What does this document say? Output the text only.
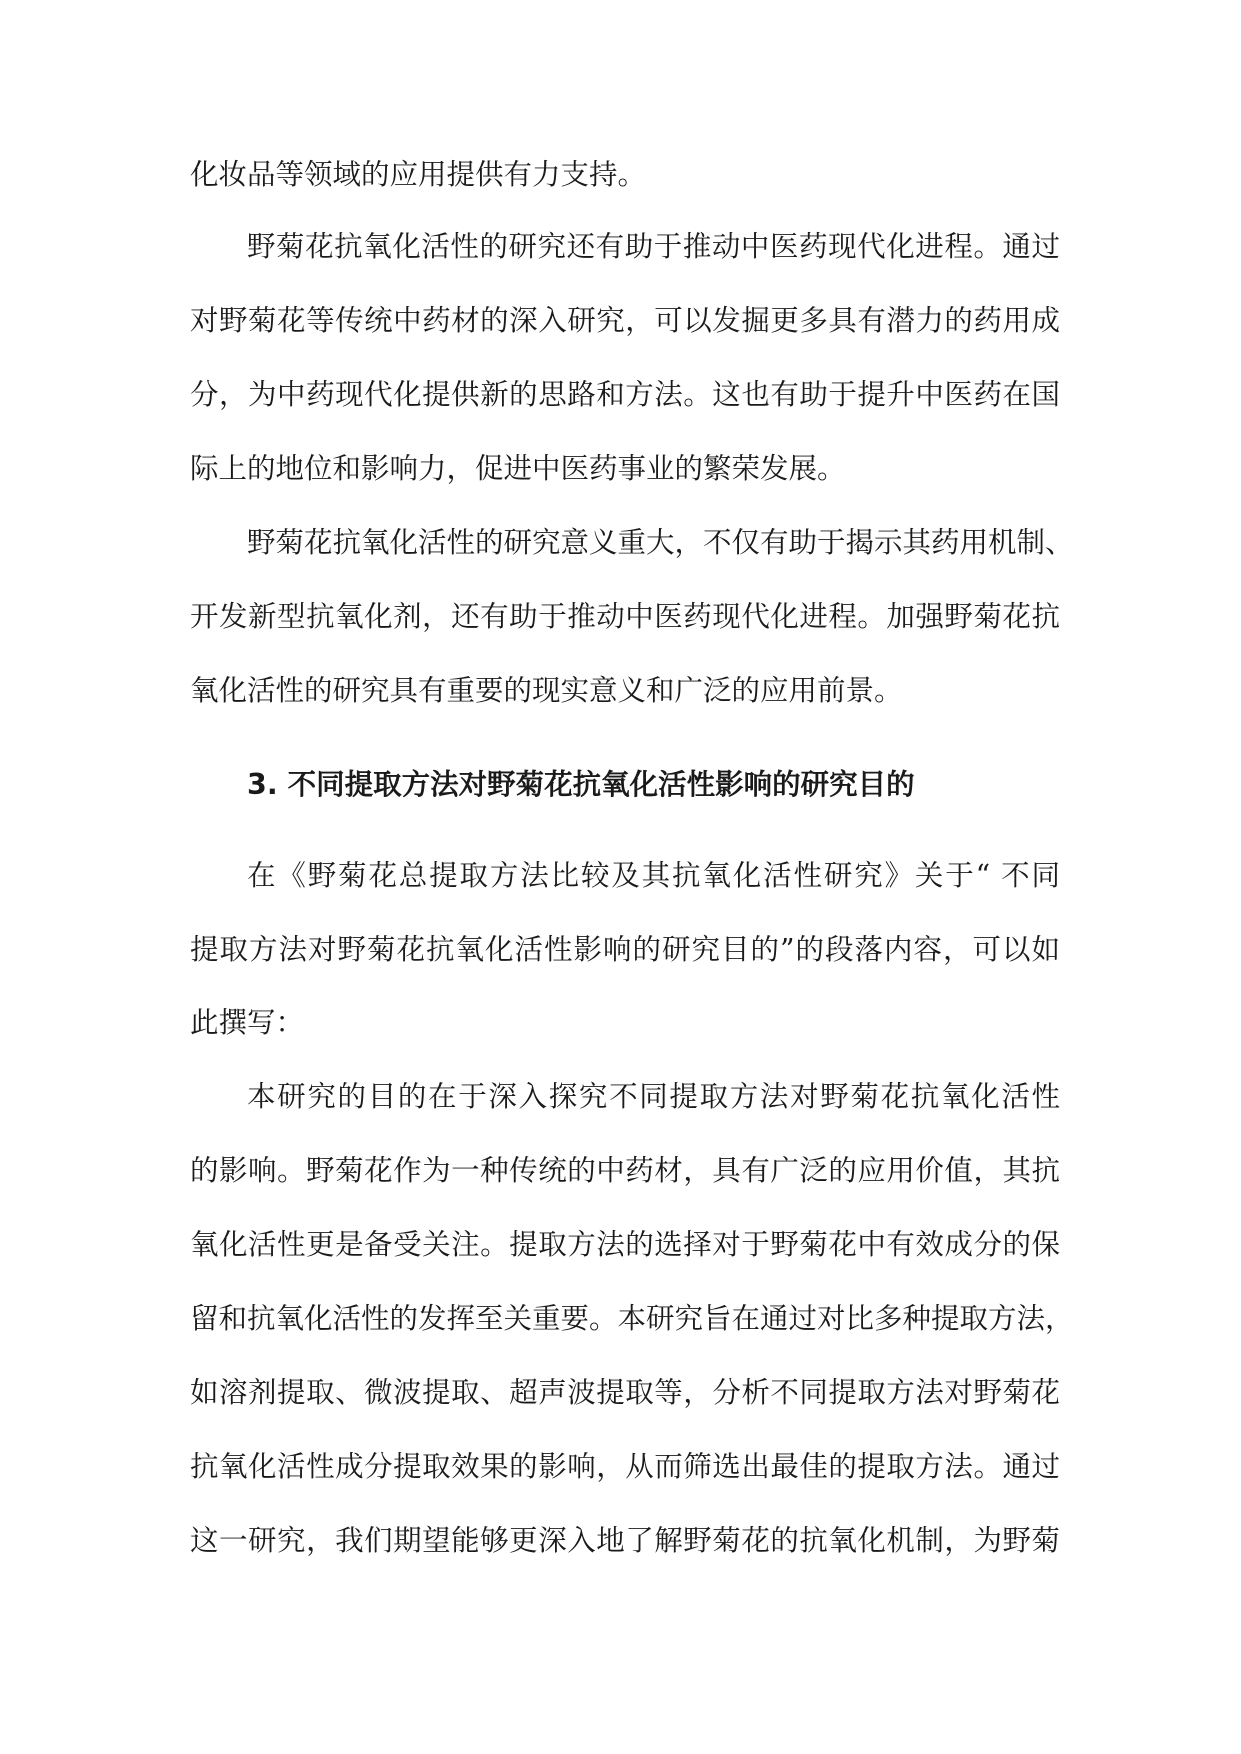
化妆品等领域的应用提供有力支持。
野菊花抗氧化活性的研究还有助于推动中医药现代化进程。通过
对野菊花等传统中药材的深入研究，可以发掘更多具有潜力的药用成
分，为中药现代化提供新的思路和方法。这也有助于提升中医药在国
际上的地位和影响力，促进中医药事业的繁荣发展。
野菊花抗氧化活性的研究意义重大，不仅有助于揭示其药用机制、
开发新型抗氧化剂，还有助于推动中医药现代化进程。加强野菊花抗
氧化活性的研究具有重要的现实意义和广泛的应用前景。
3. 不同提取方法对野菊花抗氧化活性影响的研究目的
在《野菊花总提取方法比较及其抗氧化活性研究》关于“ 不同
提取方法对野菊花抗氧化活性影响的研究目的”的段落内容，可以如
此撰写：
本研究的目的在于深入探究不同提取方法对野菊花抗氧化活性
的影响。野菊花作为一种传统的中药材，具有广泛的应用价值，其抗
氧化活性更是备受关注。提取方法的选择对于野菊花中有效成分的保
留和抗氧化活性的发挥至关重要。本研究旨在通过对比多种提取方法，
如溶剂提取、微波提取、超声波提取等，分析不同提取方法对野菊花
抗氧化活性成分提取效果的影响，从而筛选出最佳的提取方法。通过
这一研究，我们期望能够更深入地了解野菊花的抗氧化机制，为野菊
